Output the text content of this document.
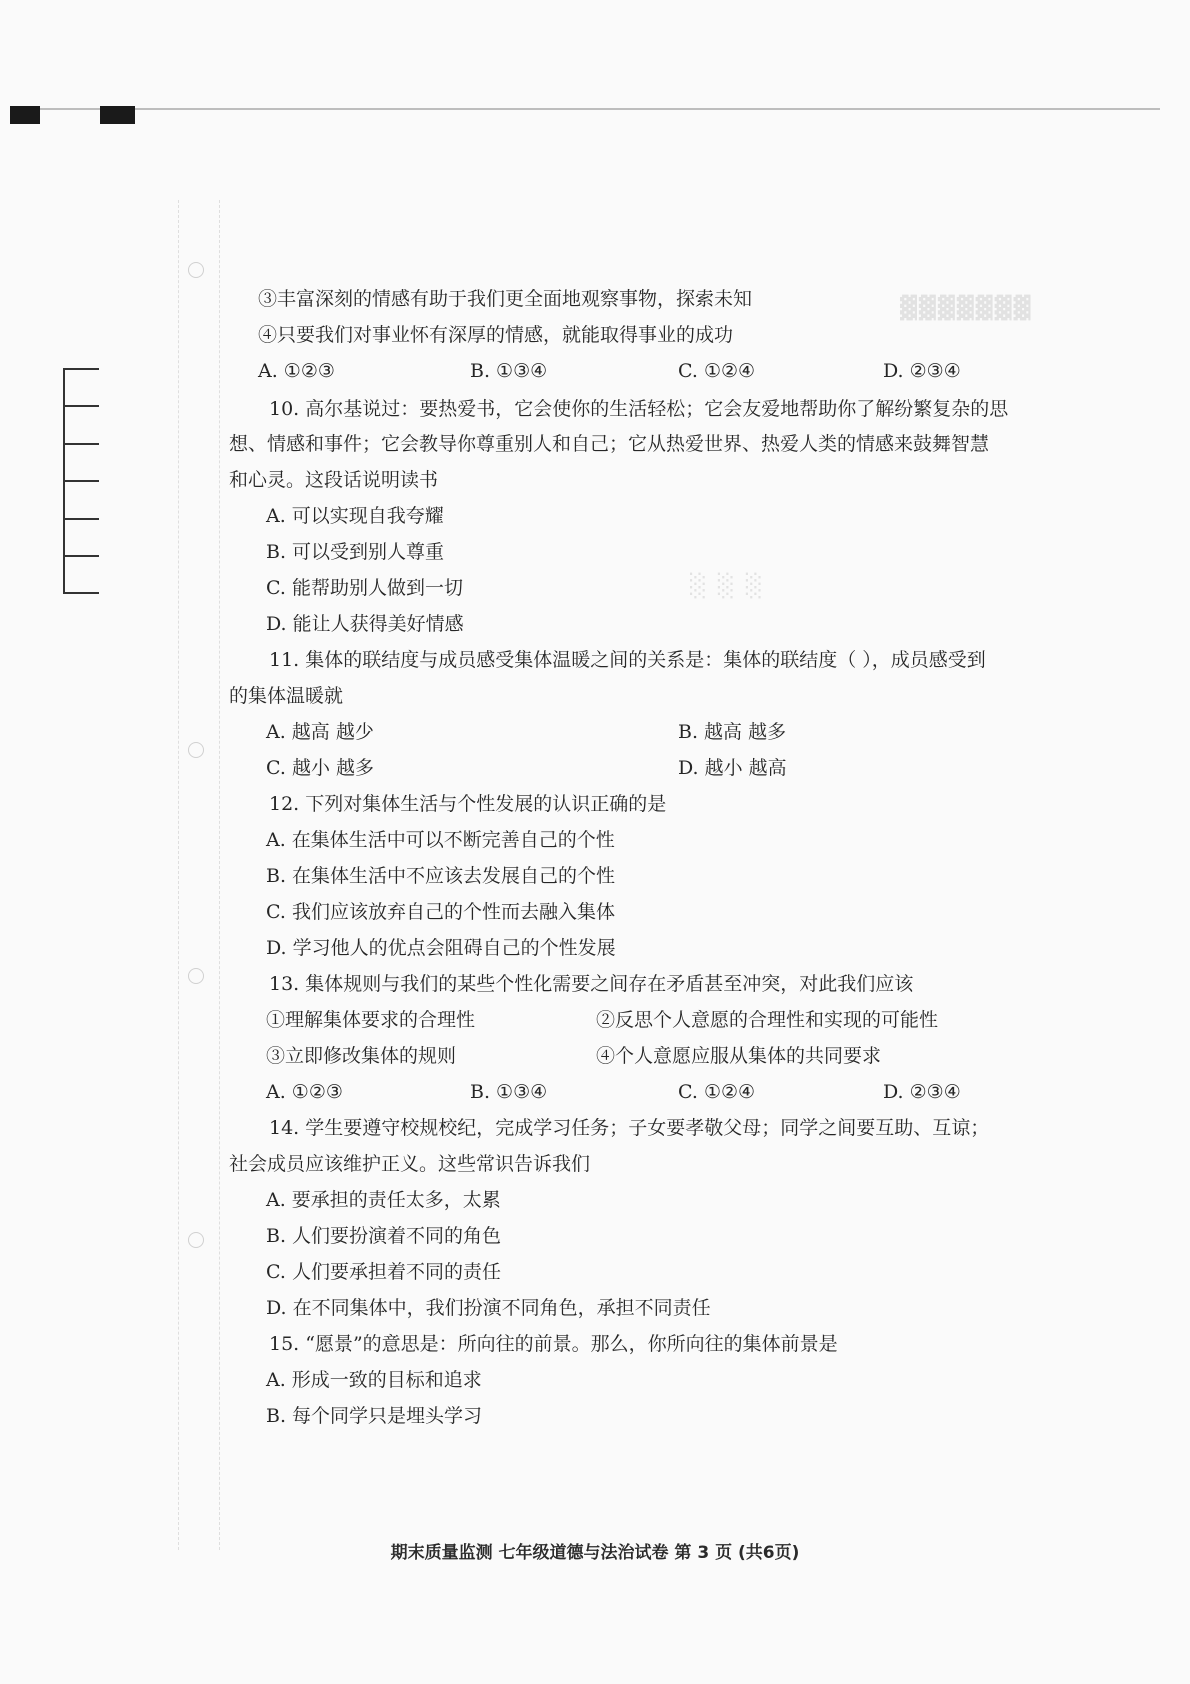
▓▓▓▓▓▓▓
░ ░ ░
③丰富深刻的情感有助于我们更全面地观察事物，探索未知
④只要我们对事业怀有深厚的情感，就能取得事业的成功
A. ①②③	B. ①③④	C. ①②④	D. ②③④
10. 高尔基说过：要热爱书，它会使你的生活轻松；它会友爱地帮助你了解纷繁复杂的思
想、情感和事件；它会教导你尊重别人和自己；它从热爱世界、热爱人类的情感来鼓舞智慧
和心灵。这段话说明读书
A. 可以实现自我夸耀
B. 可以受到别人尊重
C. 能帮助别人做到一切
D. 能让人获得美好情感
11. 集体的联结度与成员感受集体温暖之间的关系是：集体的联结度（ ），成员感受到
的集体温暖就
A. 越高 越少	B. 越高 越多
C. 越小 越多	D. 越小 越高
12. 下列对集体生活与个性发展的认识正确的是
A. 在集体生活中可以不断完善自己的个性
B. 在集体生活中不应该去发展自己的个性
C. 我们应该放弃自己的个性而去融入集体
D. 学习他人的优点会阻碍自己的个性发展
13. 集体规则与我们的某些个性化需要之间存在矛盾甚至冲突，对此我们应该
①理解集体要求的合理性	②反思个人意愿的合理性和实现的可能性
③立即修改集体的规则	④个人意愿应服从集体的共同要求
A. ①②③	B. ①③④	C. ①②④	D. ②③④
14. 学生要遵守校规校纪，完成学习任务；子女要孝敬父母；同学之间要互助、互谅；
社会成员应该维护正义。这些常识告诉我们
A. 要承担的责任太多，太累
B. 人们要扮演着不同的角色
C. 人们要承担着不同的责任
D. 在不同集体中，我们扮演不同角色，承担不同责任
15. “愿景”的意思是：所向往的前景。那么，你所向往的集体前景是
A. 形成一致的目标和追求
B. 每个同学只是埋头学习
期末质量监测 七年级道德与法治试卷 第 3 页 (共6页)
